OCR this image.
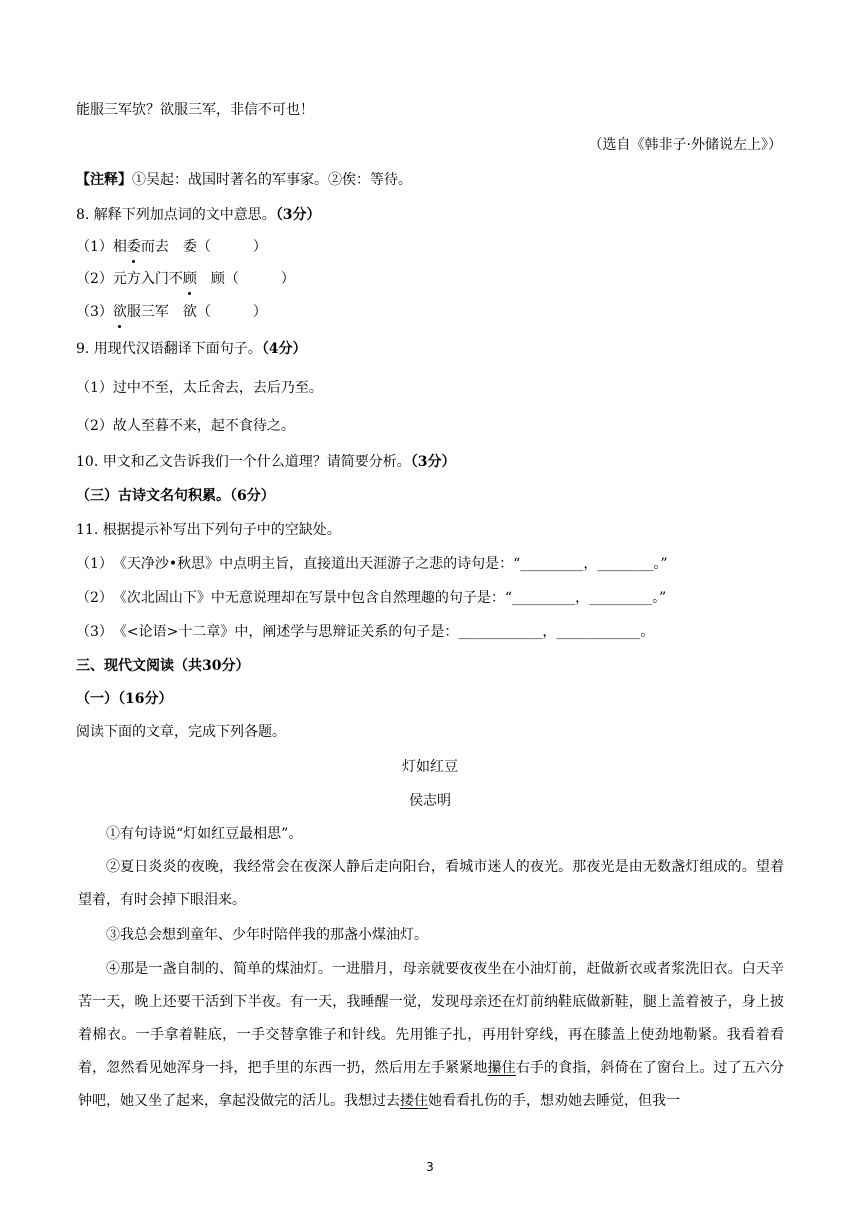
能服三军欤？欲服三军，非信不可也！
（选自《韩非子·外储说左上》）
【注释】①吴起：战国时著名的军事家。②俟：等待。
8. 解释下列加点词的文中意思。（3分）
（1）相委而去　委（　　　）
（2）元方入门不顾　顾（　　　）
（3）欲服三军　欲（　　　）
9. 用现代汉语翻译下面句子。（4分）
（1）过中不至，太丘舍去，去后乃至。
（2）故人至暮不来，起不食待之。
10. 甲文和乙文告诉我们一个什么道理？请简要分析。（3分）
（三）古诗文名句积累。（6分）
11. 根据提示补写出下列句子中的空缺处。
（1）　《天净沙•秋思》中点明主旨，直接道出天涯游子之悲的诗句是：“_________，________。”
（2）　《次北固山下》中无意说理却在写景中包含自然理趣的句子是：“_________，_________。”
（3）　《<论语>十二章》中，阐述学与思辩证关系的句子是：____________，____________。
三、现代文阅读（共30分）
（一）（16分）
阅读下面的文章，完成下列各题。
灯如红豆
侯志明
①有句诗说“灯如红豆最相思”。
②夏日炎炎的夜晚，我经常会在夜深人静后走向阳台，看城市迷人的夜光。那夜光是由无数盏灯组成的。望着望着，有时会掉下眼泪来。
③我总会想到童年、少年时陪伴我的那盏小煤油灯。
④那是一盏自制的、简单的煤油灯。一进腊月，母亲就要夜夜坐在小油灯前，赶做新衣或者浆洗旧衣。白天辛苦一天，晚上还要干活到下半夜。有一天，我睡醒一觉，发现母亲还在灯前纳鞋底做新鞋，腿上盖着被子，身上披着棉衣。一手拿着鞋底，一手交替拿锥子和针线。先用锥子扎，再用针穿线，再在膝盖上使劲地勒紧。我看着看着，忽然看见她浑身一抖，把手里的东西一扔，然后用左手紧紧地攥住右手的食指，斜倚在了窗台上。过了五六分钟吧，她又坐了起来，拿起没做完的活儿。我想过去搂住她看看扎伤的手，想劝她去睡觉，但我一
3
